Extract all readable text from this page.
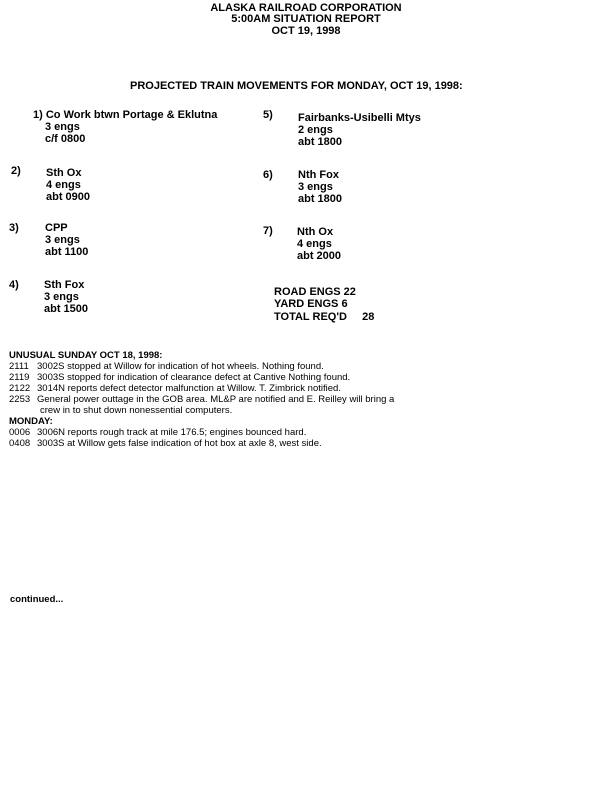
ALASKA RAILROAD CORPORATION
5:00AM SITUATION REPORT
OCT 19, 1998
PROJECTED TRAIN MOVEMENTS FOR MONDAY, OCT 19, 1998:
1) Co Work btwn Portage & Eklutna
3 engs
c/f 0800
2) Sth Ox
4 engs
abt 0900
3) CPP
3 engs
abt 1100
4) Sth Fox
3 engs
abt 1500
5) Fairbanks-Usibelli Mtys
2 engs
abt 1800
6) Nth Fox
3 engs
abt 1800
7) Nth Ox
4 engs
abt 2000
ROAD ENGS 22
YARD ENGS 6
TOTAL REQ'D     28
UNUSUAL SUNDAY OCT 18, 1998:
2111 3002S stopped at Willow for indication of hot wheels. Nothing found.
2119 3003S stopped for indication of clearance defect at Cantive Nothing found.
2122 3014N reports defect detector malfunction at Willow. T. Zimbrick notified.
2253 General power outtage in the GOB area. ML&P are notified and E. Reilley will bring a
crew in to shut down nonessential computers.
MONDAY:
0006 3006N reports rough track at mile 176.5; engines bounced hard.
0408 3003S at Willow gets false indication of hot box at axle 8, west side.
continued...
